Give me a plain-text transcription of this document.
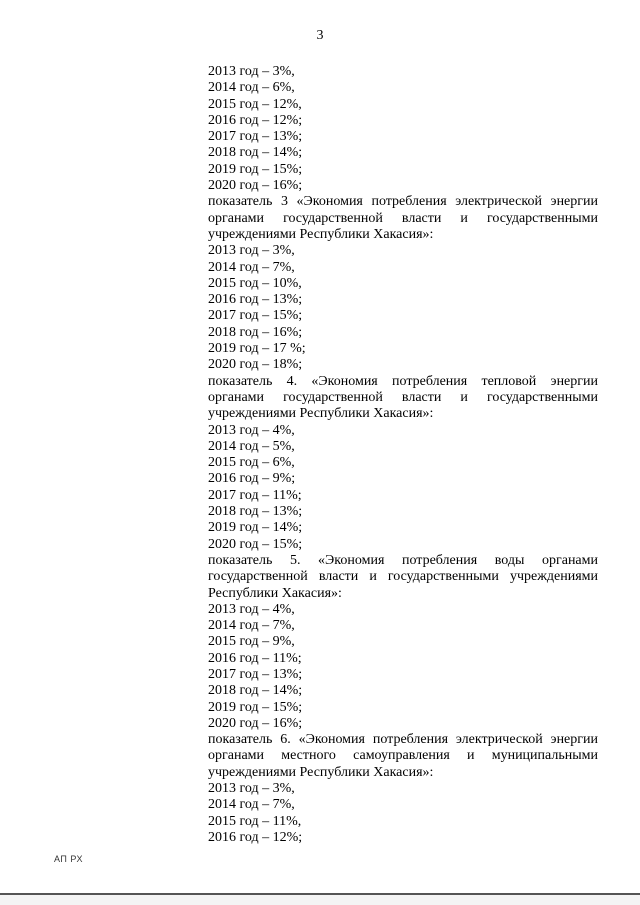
3
2013 год – 3%,
2014 год – 6%,
2015 год – 12%,
2016 год – 12%;
2017 год – 13%;
2018 год – 14%;
2019 год – 15%;
2020 год – 16%;
показатель 3 «Экономия потребления электрической энергии
органами государственной власти и государственными
учреждениями Республики Хакасия»:
2013 год – 3%,
2014 год – 7%,
2015 год – 10%,
2016 год – 13%;
2017 год – 15%;
2018 год – 16%;
2019 год – 17 %;
2020 год – 18%;
показатель 4. «Экономия потребления тепловой энергии
органами государственной власти и государственными
учреждениями Республики Хакасия»:
2013 год – 4%,
2014 год – 5%,
2015 год – 6%,
2016 год – 9%;
2017 год – 11%;
2018 год – 13%;
2019 год – 14%;
2020 год – 15%;
показатель 5. «Экономия потребления воды органами
государственной власти и государственными учреждениями
Республики Хакасия»:
2013 год – 4%,
2014 год – 7%,
2015 год – 9%,
2016 год – 11%;
2017 год – 13%;
2018 год – 14%;
2019 год – 15%;
2020 год – 16%;
показатель 6. «Экономия потребления электрической энергии
органами местного самоуправления и муниципальными
учреждениями Республики Хакасия»:
2013 год – 3%,
2014 год – 7%,
2015 год – 11%,
2016 год – 12%;
АП РХ
